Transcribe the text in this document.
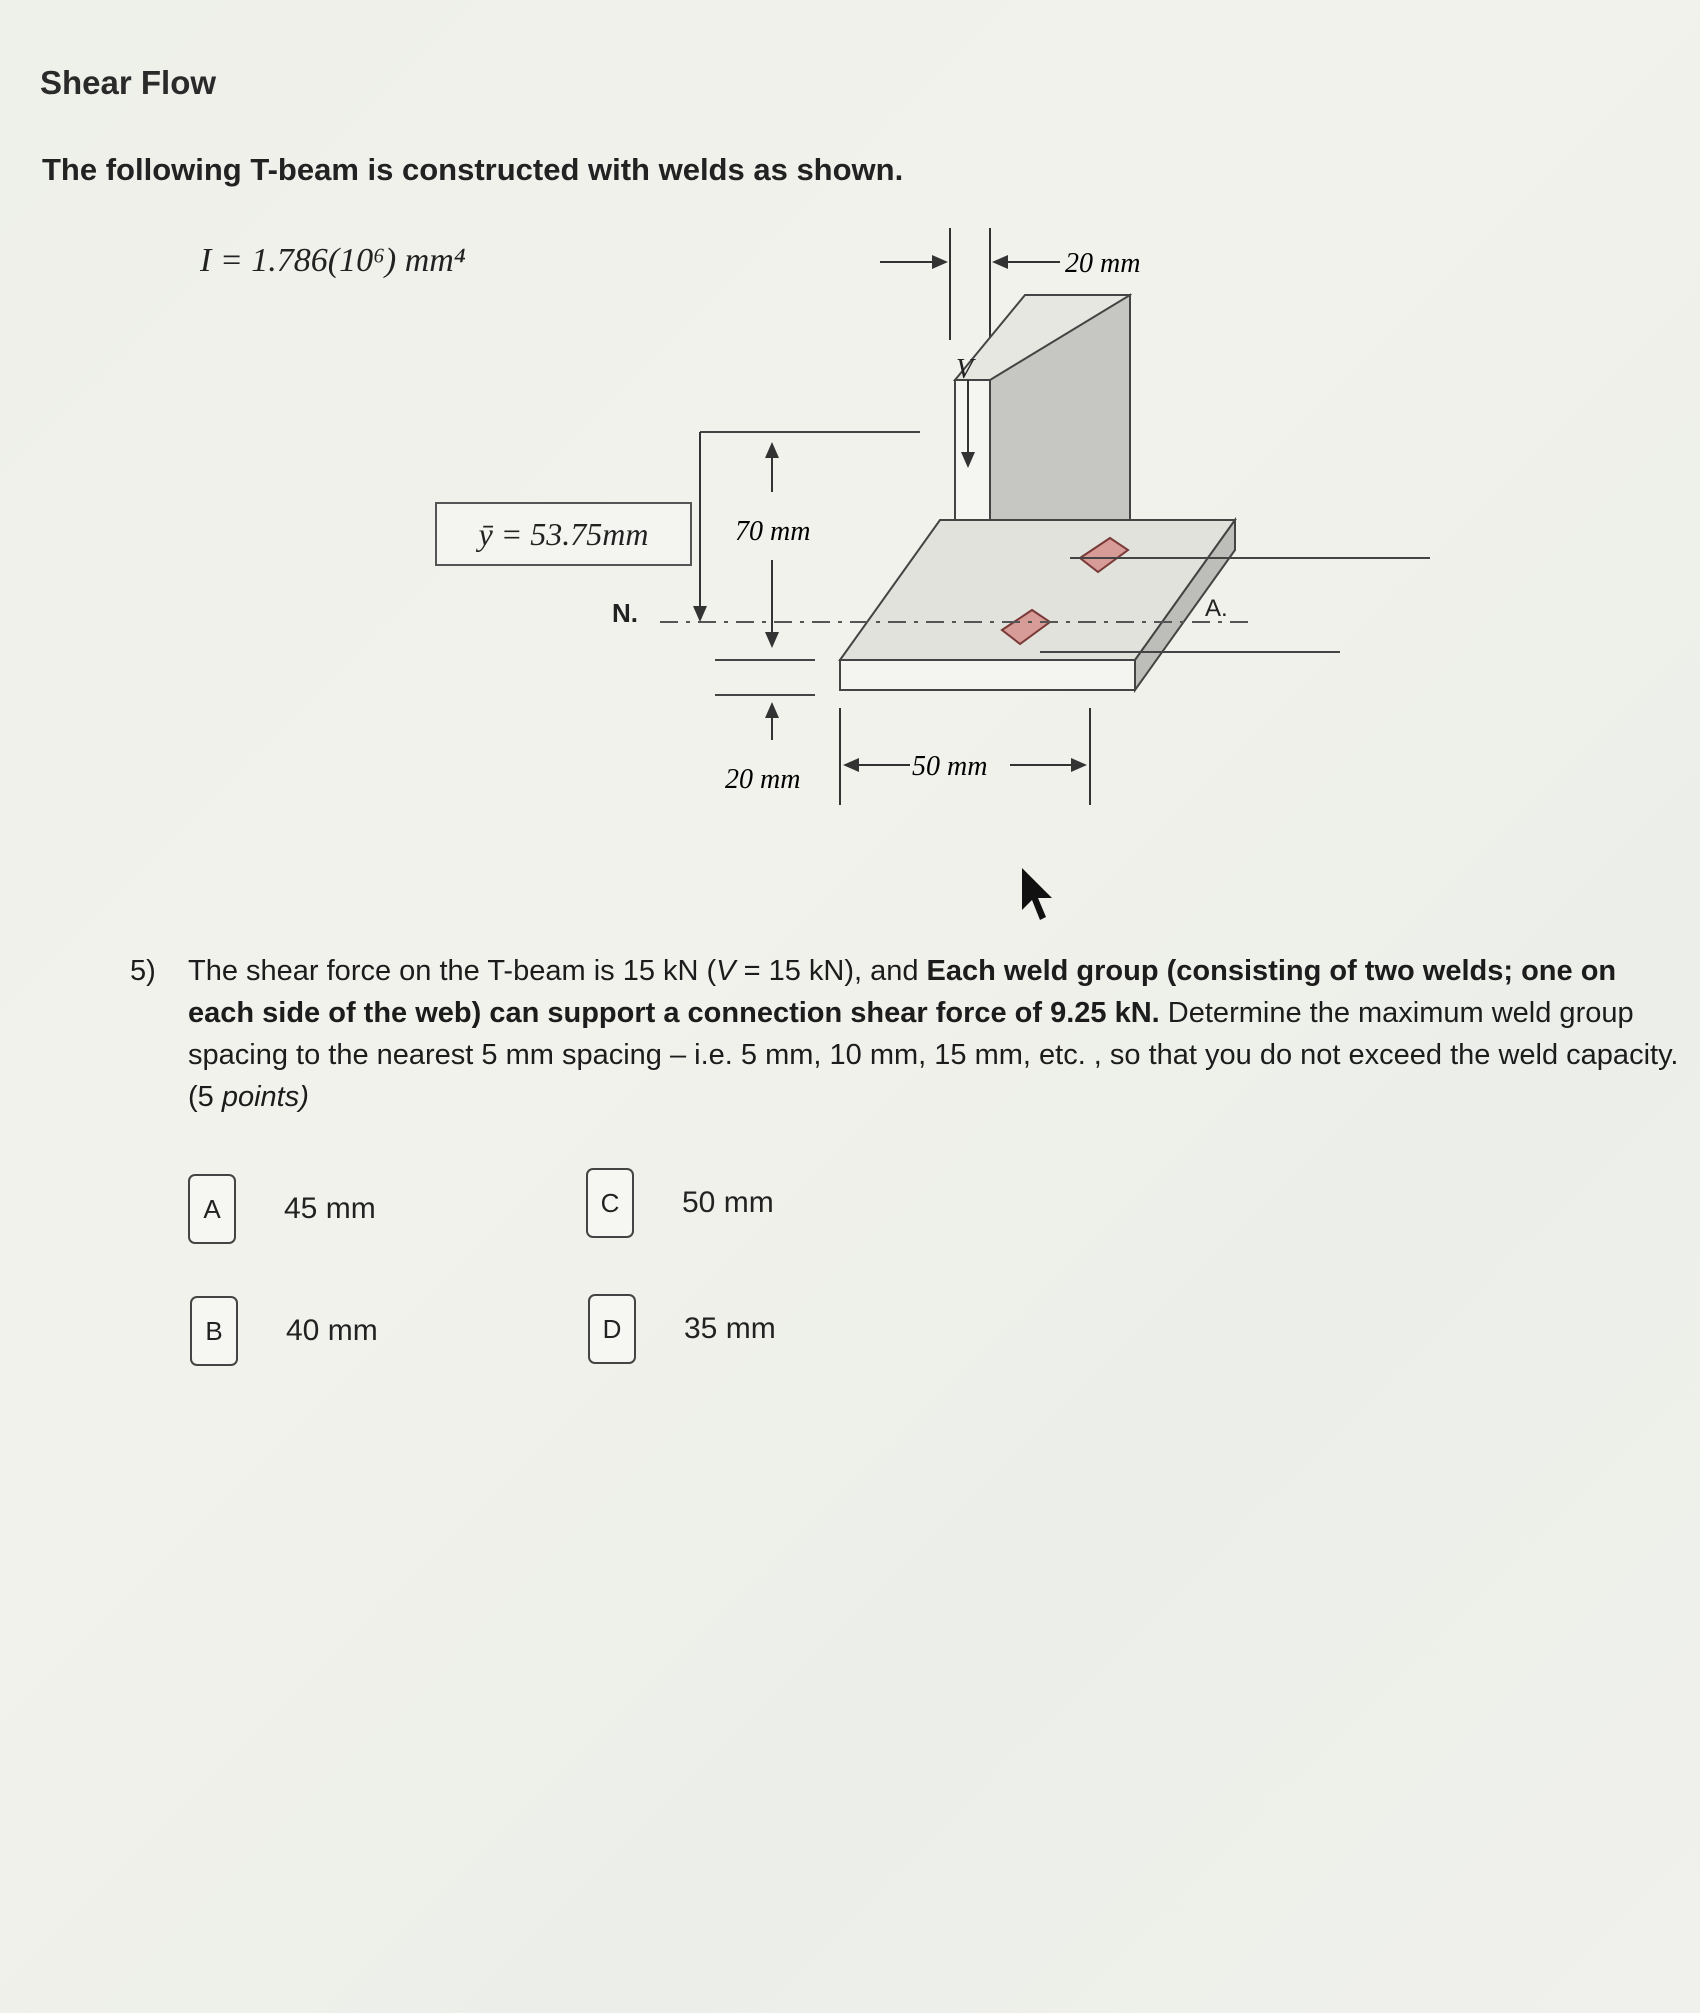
Shear Flow
The following T-beam is constructed with welds as shown.
I = 1.786(10⁶) mm⁴
ȳ = 53.75mm
20 mm
V
N.	A.
70 mm
20 mm	50 mm
5) The shear force on the T-beam is 15 kN (V = 15 kN), and Each weld group (consisting of two welds; one on each side of the web) can support a connection shear force of 9.25 kN. Determine the maximum weld group spacing to the nearest 5 mm spacing – i.e. 5 mm, 10 mm, 15 mm, etc. , so that you do not exceed the weld capacity. (5 points)
A	45 mm
B	40 mm
C	50 mm
D	35 mm
